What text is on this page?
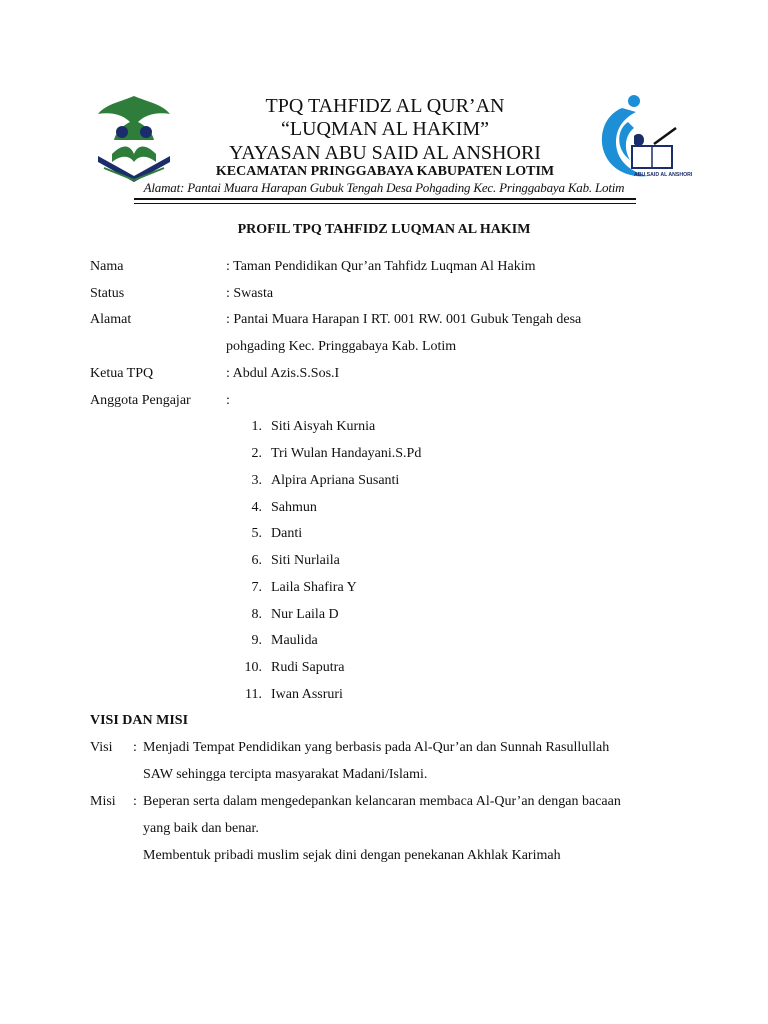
ABU SAID AL ANSHORI
TPQ TAHFIDZ AL QUR’AN
“LUQMAN AL HAKIM”
YAYASAN ABU SAID AL ANSHORI
KECAMATAN PRINGGABAYA KABUPATEN LOTIM
Alamat: Pantai Muara Harapan Gubuk Tengah Desa Pohgading Kec. Pringgabaya Kab. Lotim
PROFIL TPQ TAHFIDZ LUQMAN AL HAKIM
Nama	: Taman Pendidikan Qur’an Tahfidz Luqman Al Hakim
Status	: Swasta
Alamat	: Pantai Muara Harapan I RT. 001 RW. 001 Gubuk Tengah desa
pohgading Kec. Pringgabaya Kab. Lotim
Ketua TPQ	: Abdul Azis.S.Sos.I
Anggota Pengajar	:
1. Siti Aisyah Kurnia
2. Tri Wulan Handayani.S.Pd
3. Alpira Apriana Susanti
4. Sahmun
5. Danti
6. Siti Nurlaila
7. Laila Shafira Y
8. Nur Laila D
9. Maulida
10. Rudi Saputra
11. Iwan Assruri
VISI DAN MISI
Visi : Menjadi Tempat Pendidikan yang berbasis pada Al-Qur’an dan Sunnah Rasullullah
SAW sehingga tercipta masyarakat Madani/Islami.
Misi : Beperan serta dalam mengedepankan kelancaran membaca Al-Qur’an dengan bacaan
yang baik dan benar.
Membentuk pribadi muslim sejak dini dengan penekanan Akhlak Karimah
